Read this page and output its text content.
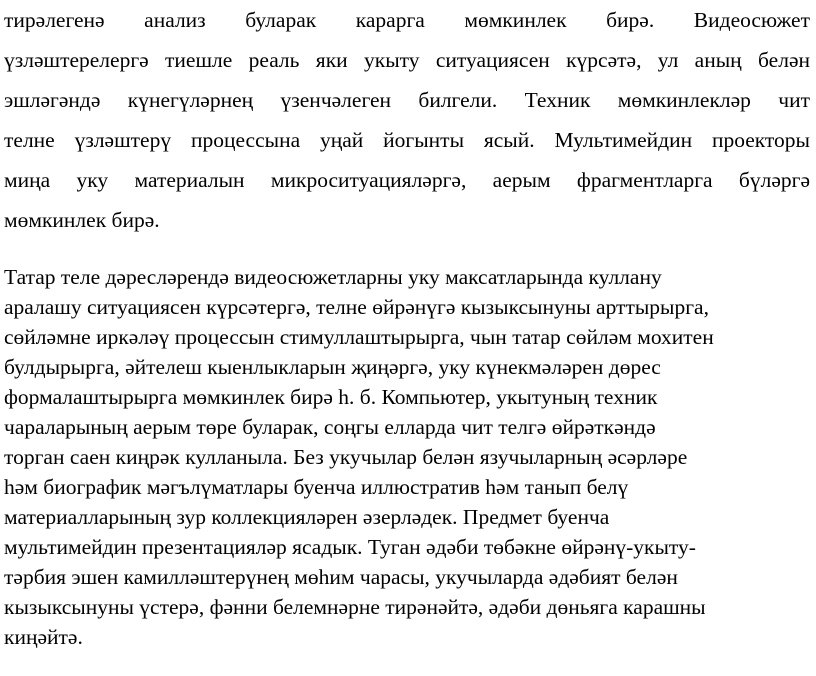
тирәлегенә анализ буларак карарга мөмкинлек бирә. Видеосюжет
үзләштерелергә тиешле реаль яки укыту ситуациясен күрсәтә, ул аның белән
эшләгәндә күнегүләрнең үзенчәлеген билгели. Техник мөмкинлекләр чит
телне үзләштерү процессына уңай йогынты ясый. Мультимейдин проекторы
миңа уку материалын микроситуацияләргә, аерым фрагментларга бүләргә
мөмкинлек бирә.

Татар теле дәресләрендә видеосюжетларны уку максатларында куллану
аралашу ситуациясен күрсәтергә, телне өйрәнүгә кызыксынуны арттырырга,
сөйләмне иркәләү процессын стимуллаштырырга, чын татар сөйләм мохитен
булдырырга, әйтелеш кыенлыкларын җиңәргә, уку күнекмәләрен дөрес
формалаштырырга мөмкинлек бирә һ. б. Компьютер, укытуның техник
чараларының аерым төре буларак, соңгы елларда чит телгә өйрәткәндә
торган саен киңрәк кулланыла. Без укучылар белән язучыларның әсәрләре
һәм биографик мәгълүматлары буенча иллюстратив һәм танып белү
материалларының зур коллекцияләрен әзерләдек. Предмет буенча
мультимейдин презентацияләр ясадык. Туган әдәби төбәкне өйрәнү-укыту-
тәрбия эшен камилләштерүнең мөһим чарасы, укучыларда әдәбият белән
кызыксынуны үстерә, фәнни белемнәрне тирәнәйтә, әдәби дөньяга карашны
киңәйтә.
